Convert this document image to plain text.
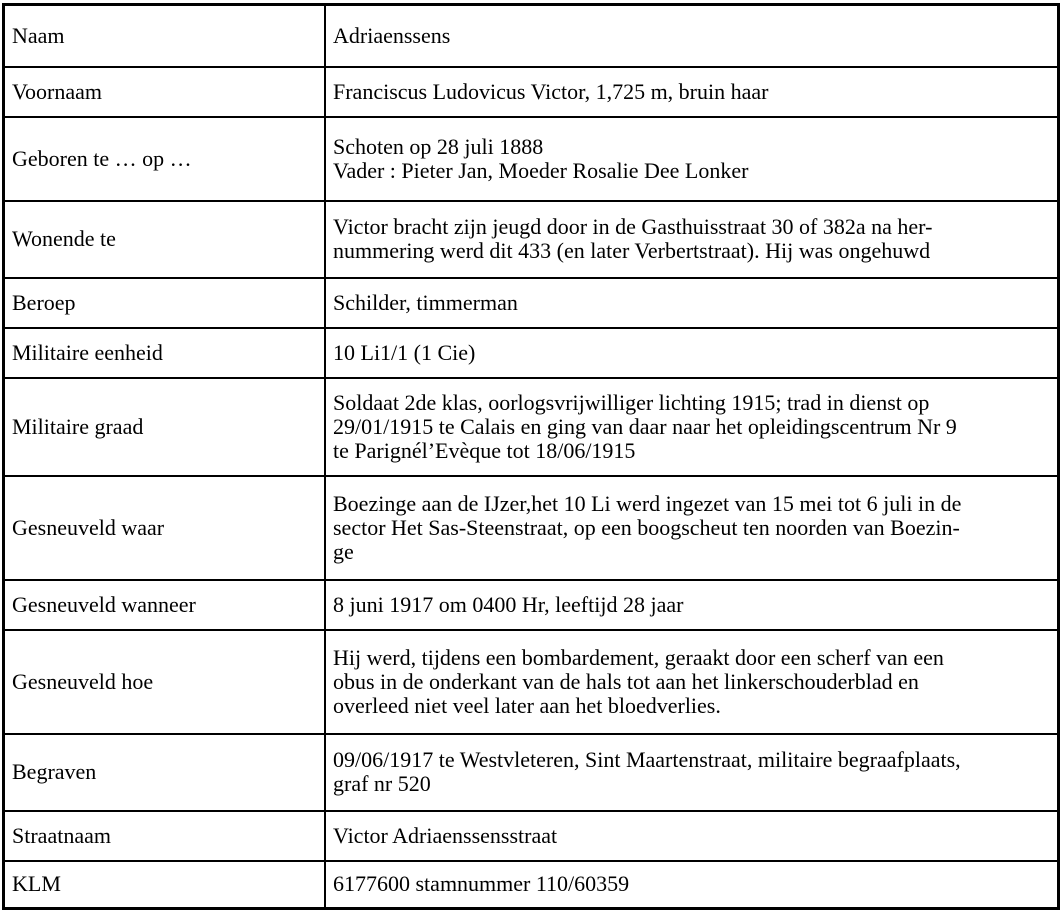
Naam	Adriaenssens
Voornaam	Franciscus Ludovicus Victor, 1,725 m, bruin haar
Geboren te … op …	Schoten op 28 juli 1888
Vader : Pieter Jan, Moeder Rosalie Dee Lonker
Wonende te	Victor bracht zijn jeugd door in de Gasthuisstraat 30 of 382a na her-
nummering werd dit 433 (en later Verbertstraat). Hij was ongehuwd
Beroep	Schilder, timmerman
Militaire eenheid	10 Li1/1 (1 Cie)
Militaire graad	Soldaat 2de klas, oorlogsvrijwilliger lichting 1915; trad in dienst op
29/01/1915 te Calais en ging van daar naar het opleidingscentrum Nr 9
te Parignél’Evèque tot 18/06/1915
Gesneuveld waar	Boezinge aan de IJzer,het 10 Li werd ingezet van 15 mei tot 6 juli in de
sector Het Sas-Steenstraat, op een boogscheut ten noorden van Boezin-
ge
Gesneuveld wanneer	8 juni 1917 om 0400 Hr, leeftijd 28 jaar
Gesneuveld hoe	Hij werd, tijdens een bombardement, geraakt door een scherf van een
obus in de onderkant van de hals tot aan het linkerschouderblad en
overleed niet veel later aan het bloedverlies.
Begraven	09/06/1917 te Westvleteren, Sint Maartenstraat, militaire begraafplaats,
graf nr 520
Straatnaam	Victor Adriaenssensstraat
KLM	6177600 stamnummer 110/60359
